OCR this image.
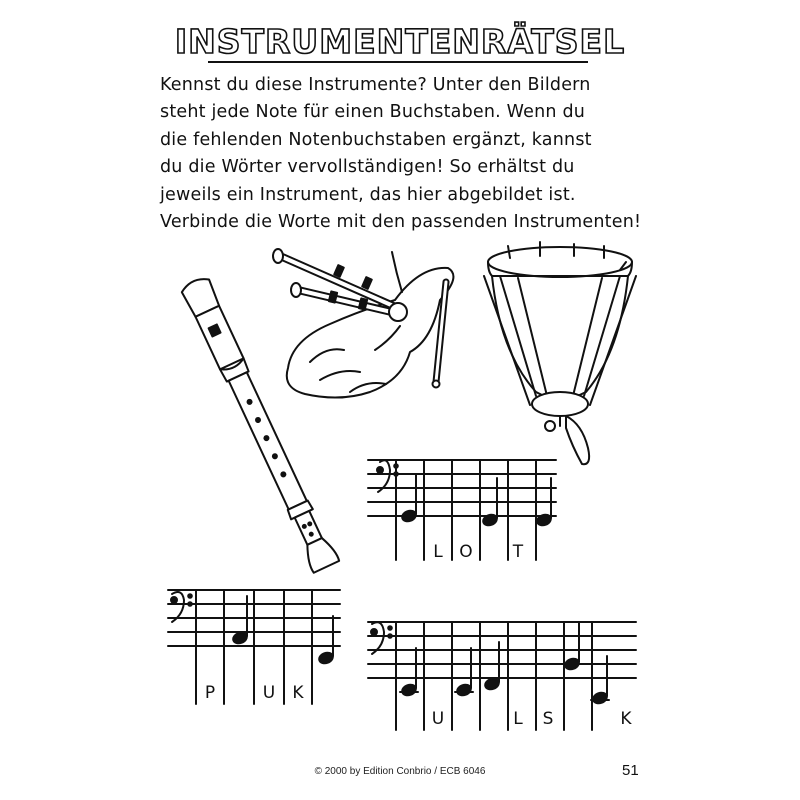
INSTRUMENTENRÄTSEL
Kennst du diese Instrumente? Unter den Bildern
steht jede Note für einen Buchstaben. Wenn du
die fehlenden Notenbuchstaben ergänzt, kannst
du die Wörter vervollständigen! So erhältst du
jeweils ein Instrument, das hier abgebildet ist.
Verbinde die Worte mit den passenden Instrumenten!
L O T
P	U K
U	L S	K
© 2000 by Edition Conbrio / ECB 6046	51
